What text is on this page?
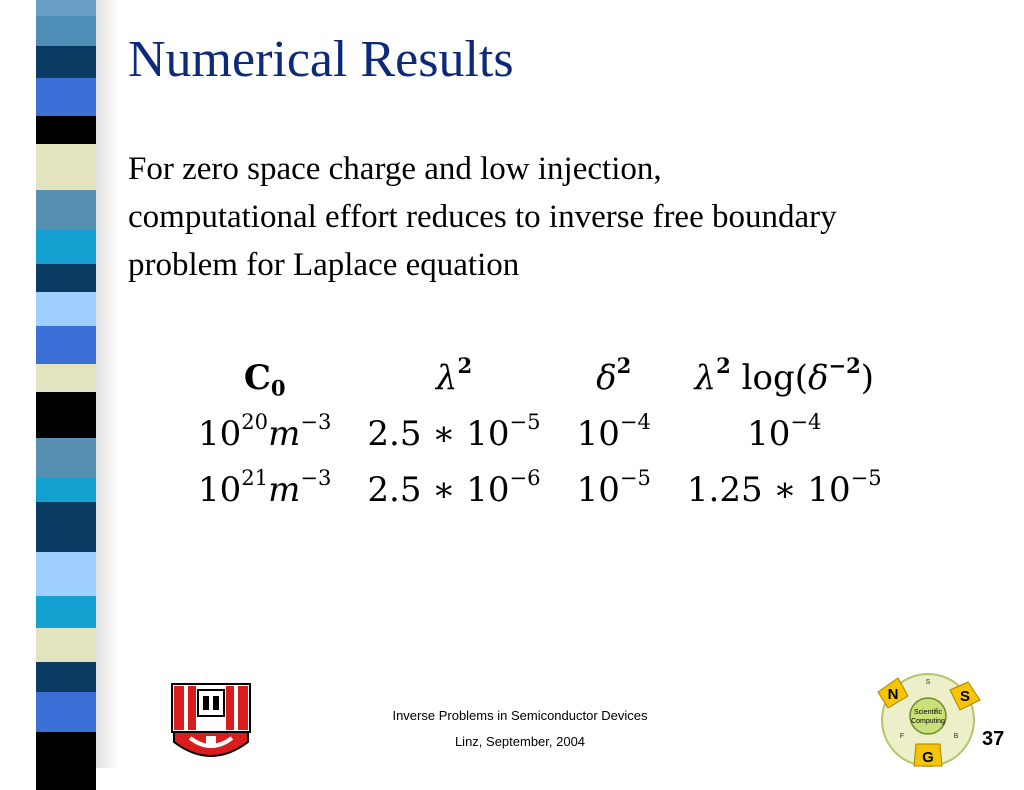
Numerical Results

For zero space charge and low injection,
computational effort reduces to inverse free boundary
problem for Laplace equation

$C_0$	$\lambda^2$	$\delta^2$	$\lambda^2$ $\log(\delta^{-2})$
$10^{20}m^{-3}$	2.5 ∗ $10^{-5}$	$10^{-4}$	$10^{-4}$
$10^{21}m^{-3}$	2.5 ∗ $10^{-6}$	$10^{-5}$	1.25 ∗ $10^{-5}$
Inverse Problems in Semiconductor Devices
Linz, September, 2004
Scientific
Computing
N	S
G
S
F	B 37
